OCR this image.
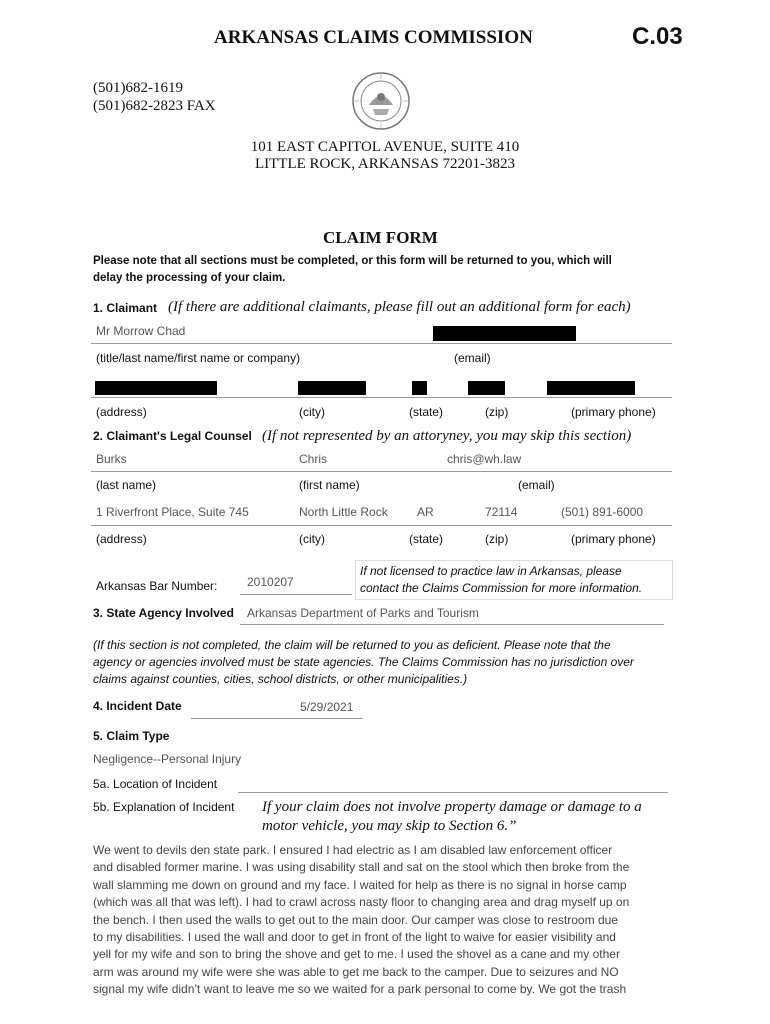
ARKANSAS CLAIMS COMMISSION	C.03
(501)682-1619
(501)682-2823 FAX
101 EAST CAPITOL AVENUE, SUITE 410
LITTLE ROCK, ARKANSAS 72201-3823
CLAIM FORM
Please note that all sections must be completed, or this form will be returned to you, which will
delay the processing of your claim.
1. Claimant (If there are additional claimants, please fill out an additional form for each)
Mr Morrow Chad
(title/last name/first name or company)	(email)
(address)	(city)	(state)	(zip)	(primary phone)
2. Claimant's Legal Counsel (If not represented by an attoryney, you may skip this section)
Burks	Chris	chris@wh.law
(last name)	(first name)	(email)
1 Riverfront Place, Suite 745	North Little Rock AR	72114	(501) 891-6000
(address)	(city)	(state)	(zip)	(primary phone)
Arkansas Bar Number: 2010207
If not licensed to practice law in Arkansas, please
contact the Claims Commission for more information.
3. State Agency Involved Arkansas Department of Parks and Tourism
(If this section is not completed, the claim will be returned to you as deficient. Please note that the
agency or agencies involved must be state agencies. The Claims Commission has no jurisdiction over
claims against counties, cities, school districts, or other municipalities.)
4. Incident Date	5/29/2021
5. Claim Type
Negligence--Personal Injury
5a. Location of Incident
5b. Explanation of Incident If your claim does not involve property damage or damage to a
motor vehicle, you may skip to Section 6.”
We went to devils den state park. I ensured I had electric as I am disabled law enforcement officer
and disabled former marine. I was using disability stall and sat on the stool which then broke from the
wall slamming me down on ground and my face. I waited for help as there is no signal in horse camp
(which was all that was left). I had to crawl across nasty floor to changing area and drag myself up on
the bench. I then used the walls to get out to the main door. Our camper was close to restroom due
to my disabilities. I used the wall and door to get in front of the light to waive for easier visibility and
yell for my wife and son to bring the shove and get to me. I used the shovel as a cane and my other
arm was around my wife were she was able to get me back to the camper. Due to seizures and NO
signal my wife didn’t want to leave me so we waited for a park personal to come by. We got the trash
